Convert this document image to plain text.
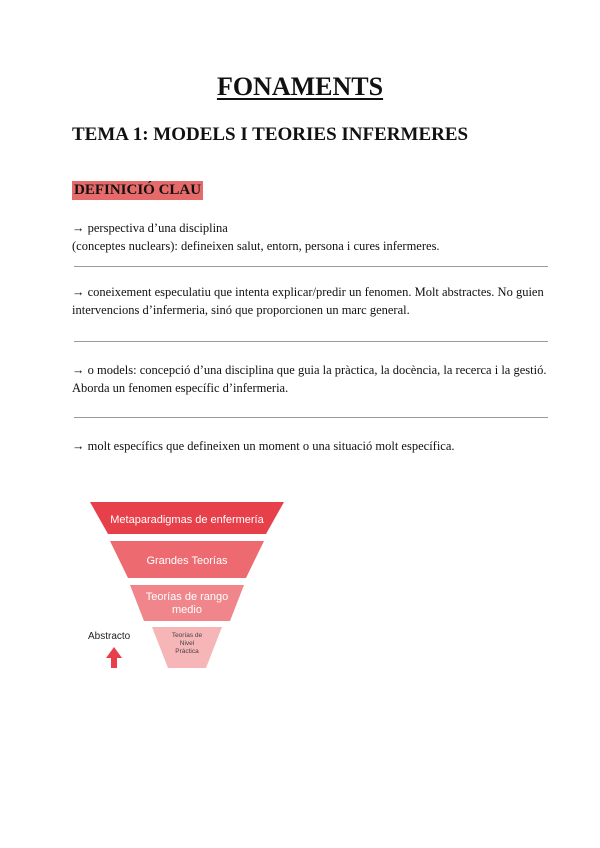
FONAMENTS
TEMA 1: MODELS I TEORIES INFERMERES
DEFINICIÓ CLAU

→ perspectiva d’una disciplina

(conceptes nuclears): defineixen salut, entorn, persona i cures infermeres.

→ coneixement especulatiu que intenta explicar/predir un fenomen. Molt abstractes. No guien

intervencions d’infermeria, sinó que proporcionen un marc general.

→ o models: concepció d’una disciplina que guia la pràctica, la docència, la recerca i la gestió.

Aborda un fenomen específic d’infermeria.

→ molt específics que defineixen un moment o una situació molt específica.

Metaparadigmas de enfermería
Grandes Teorías
Teorías de rango
medio
Teorías de
Nivel
Práctica
Abstracto
